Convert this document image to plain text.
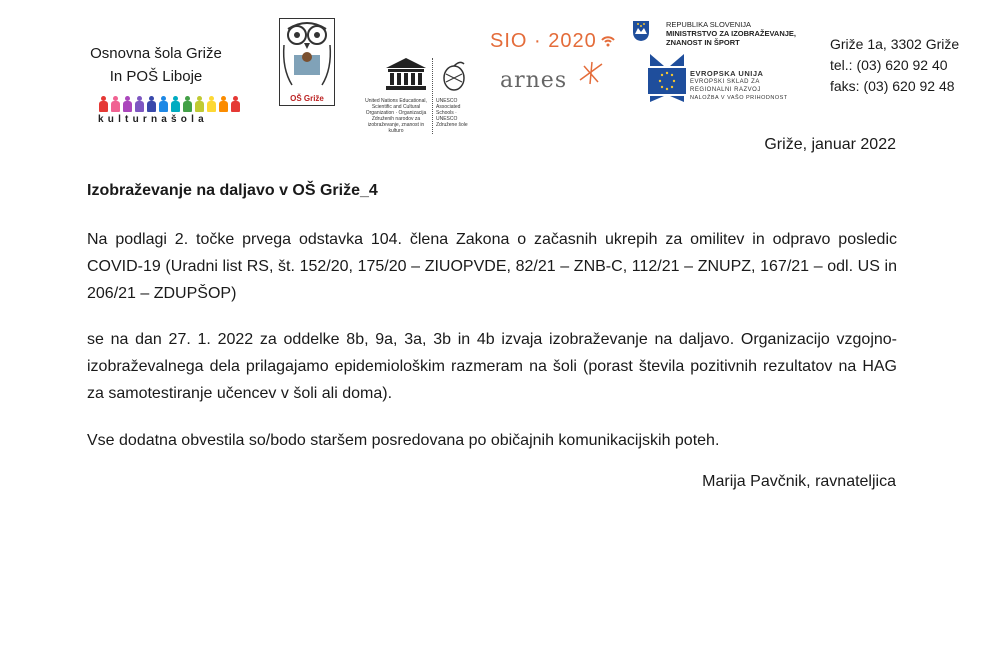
Osnovna šola Griže
In POŠ Liboje
kulturnašola
OŠ Griže	United Nations Educational, Scientific and Cultural Organization · Organizacija Združenih narodov za izobraževanje, znanost in kulturo
UNESCO Associated Schools · UNESCO Združene šole
SIO · 2020
arnes
REPUBLIKA SLOVENIJA
MINISTRSTVO ZA IZOBRAŽEVANJE,
ZNANOST IN ŠPORT
EVROPSKA UNIJA
EVROPSKI SKLAD ZA
REGIONALNI RAZVOJ
NALOŽBA V VAŠO PRIHODNOST
Griže 1a, 3302 Griže
tel.: (03) 620 92 40
faks: (03) 620 92 48
Griže, januar 2022
Izobraževanje na daljavo v OŠ Griže_4
Na podlagi 2. točke prvega odstavka 104. člena Zakona o začasnih ukrepih za omilitev in odpravo posledic COVID-19 (Uradni list RS, št. 152/20, 175/20 – ZIUOPVDE, 82/21 – ZNB-C, 112/21 – ZNUPZ, 167/21 – odl. US in 206/21 – ZDUPŠOP)
se na dan 27. 1. 2022 za oddelke 8b, 9a, 3a, 3b in 4b izvaja izobraževanje na daljavo. Organizacijo vzgojno-izobraževalnega dela prilagajamo epidemiološkim razmeram na šoli (porast števila pozitivnih rezultatov na HAG za samotestiranje učencev v šoli ali doma).
Vse dodatna obvestila so/bodo staršem posredovana po običajnih komunikacijskih poteh.
Marija Pavčnik, ravnateljica
